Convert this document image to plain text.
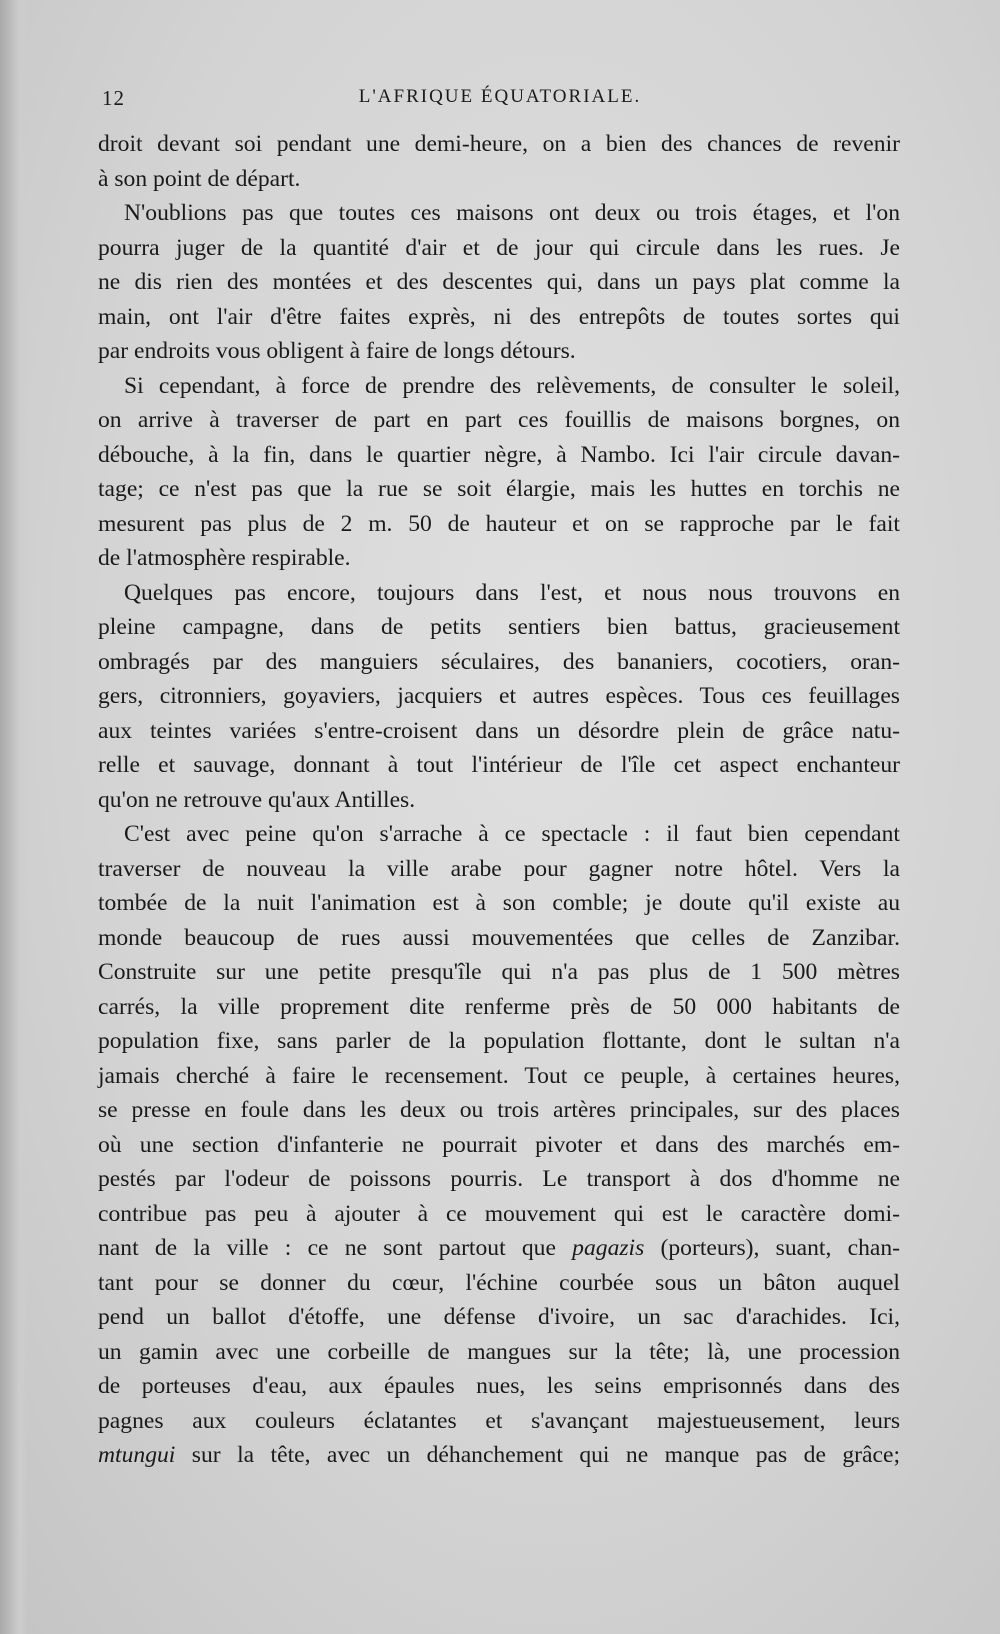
12	L'AFRIQUE ÉQUATORIALE.
droit devant soi pendant une demi-heure, on a bien des chances de revenir
à son point de départ.
N'oublions pas que toutes ces maisons ont deux ou trois étages, et l'on
pourra juger de la quantité d'air et de jour qui circule dans les rues. Je
ne dis rien des montées et des descentes qui, dans un pays plat comme la
main, ont l'air d'être faites exprès, ni des entrepôts de toutes sortes qui
par endroits vous obligent à faire de longs détours.
Si cependant, à force de prendre des relèvements, de consulter le soleil,
on arrive à traverser de part en part ces fouillis de maisons borgnes, on
débouche, à la fin, dans le quartier nègre, à Nambo. Ici l'air circule davan-
tage; ce n'est pas que la rue se soit élargie, mais les huttes en torchis ne
mesurent pas plus de 2 m. 50 de hauteur et on se rapproche par le fait
de l'atmosphère respirable.
Quelques pas encore, toujours dans l'est, et nous nous trouvons en
pleine campagne, dans de petits sentiers bien battus, gracieusement
ombragés par des manguiers séculaires, des bananiers, cocotiers, oran-
gers, citronniers, goyaviers, jacquiers et autres espèces. Tous ces feuillages
aux teintes variées s'entre-croisent dans un désordre plein de grâce natu-
relle et sauvage, donnant à tout l'intérieur de l'île cet aspect enchanteur
qu'on ne retrouve qu'aux Antilles.
C'est avec peine qu'on s'arrache à ce spectacle : il faut bien cependant
traverser de nouveau la ville arabe pour gagner notre hôtel. Vers la
tombée de la nuit l'animation est à son comble; je doute qu'il existe au
monde beaucoup de rues aussi mouvementées que celles de Zanzibar.
Construite sur une petite presqu'île qui n'a pas plus de 1 500 mètres
carrés, la ville proprement dite renferme près de 50 000 habitants de
population fixe, sans parler de la population flottante, dont le sultan n'a
jamais cherché à faire le recensement. Tout ce peuple, à certaines heures,
se presse en foule dans les deux ou trois artères principales, sur des places
où une section d'infanterie ne pourrait pivoter et dans des marchés em-
pestés par l'odeur de poissons pourris. Le transport à dos d'homme ne
contribue pas peu à ajouter à ce mouvement qui est le caractère domi-
nant de la ville : ce ne sont partout que pagazis (porteurs), suant, chan-
tant pour se donner du cœur, l'échine courbée sous un bâton auquel
pend un ballot d'étoffe, une défense d'ivoire, un sac d'arachides. Ici,
un gamin avec une corbeille de mangues sur la tête; là, une procession
de porteuses d'eau, aux épaules nues, les seins emprisonnés dans des
pagnes aux couleurs éclatantes et s'avançant majestueusement, leurs
mtungui sur la tête, avec un déhanchement qui ne manque pas de grâce;
